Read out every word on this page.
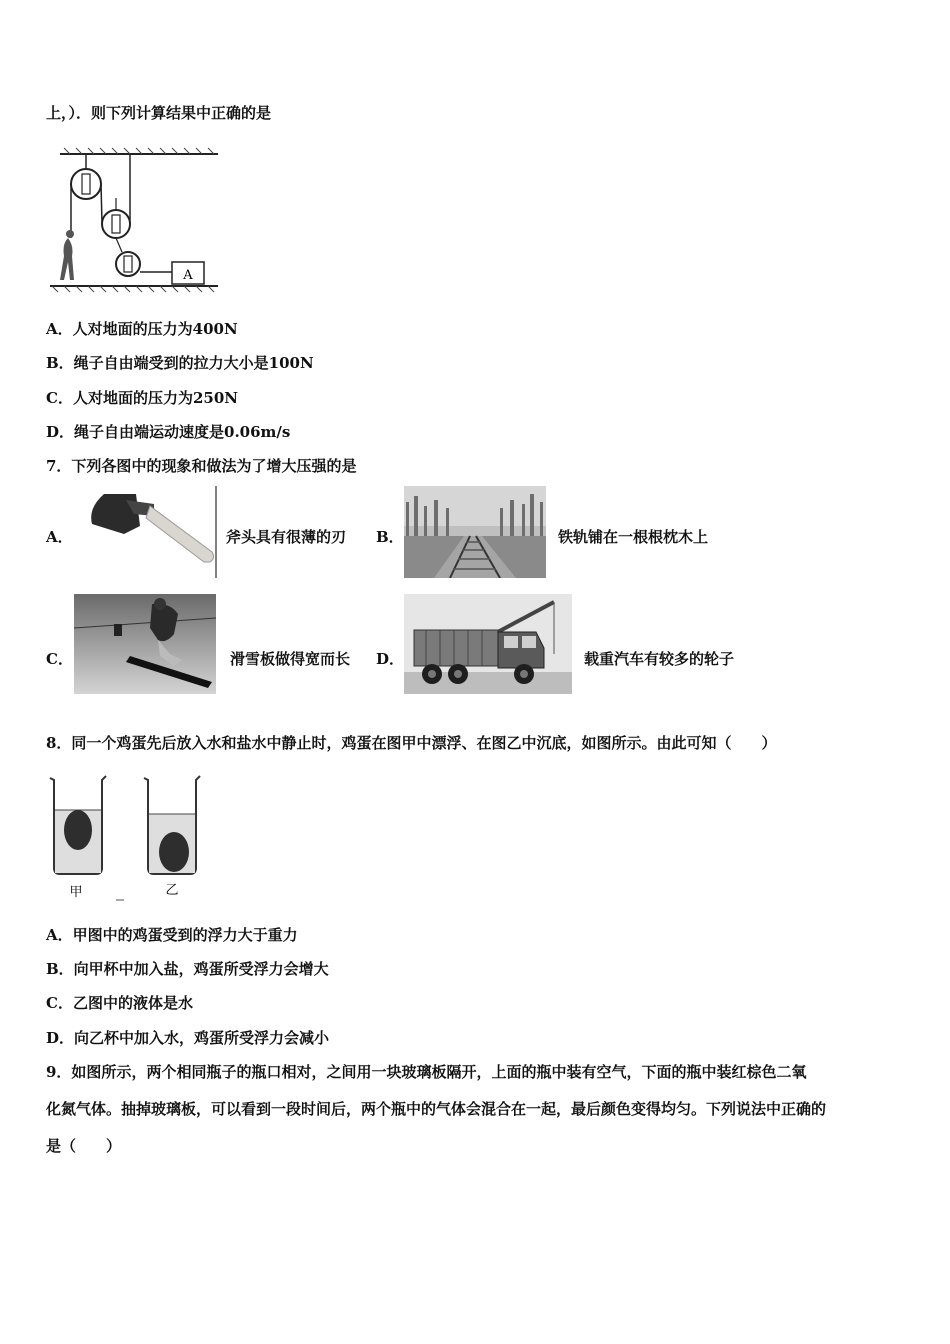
上，）．则下列计算结果中正确的是
A
A．人对地面的压力为400N
B．绳子自由端受到的拉力大小是100N
C．人对地面的压力为250N
D．绳子自由端运动速度是0.06m/s
7．下列各图中的现象和做法为了增大压强的是
A．	斧头具有很薄的刃 B．	铁轨铺在一根根枕木上
C．	滑雪板做得宽而长 D．	载重汽车有较多的轮子
8．同一个鸡蛋先后放入水和盐水中静止时，鸡蛋在图甲中漂浮、在图乙中沉底，如图所示。由此可知（　　）
甲	乙
A．甲图中的鸡蛋受到的浮力大于重力
B．向甲杯中加入盐，鸡蛋所受浮力会增大
C．乙图中的液体是水
D．向乙杯中加入水，鸡蛋所受浮力会减小
9．如图所示，两个相同瓶子的瓶口相对，之间用一块玻璃板隔开，上面的瓶中装有空气，下面的瓶中装红棕色二氧
化氮气体。抽掉玻璃板，可以看到一段时间后，两个瓶中的气体会混合在一起，最后颜色变得均匀。下列说法中正确的
是（　　）
